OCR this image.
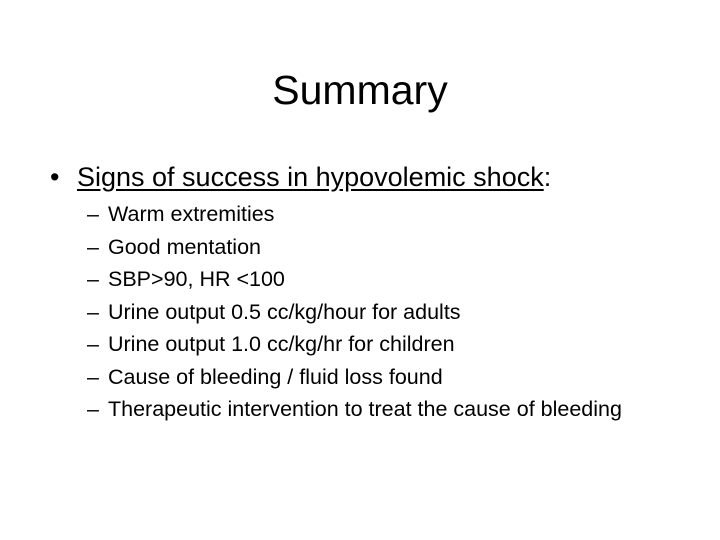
Summary
• Signs of success in hypovolemic shock:
– Warm extremities
– Good mentation
– SBP>90, HR <100
– Urine output 0.5 cc/kg/hour for adults
– Urine output 1.0 cc/kg/hr for children
– Cause of bleeding / fluid loss found
– Therapeutic intervention to treat the cause of bleeding
